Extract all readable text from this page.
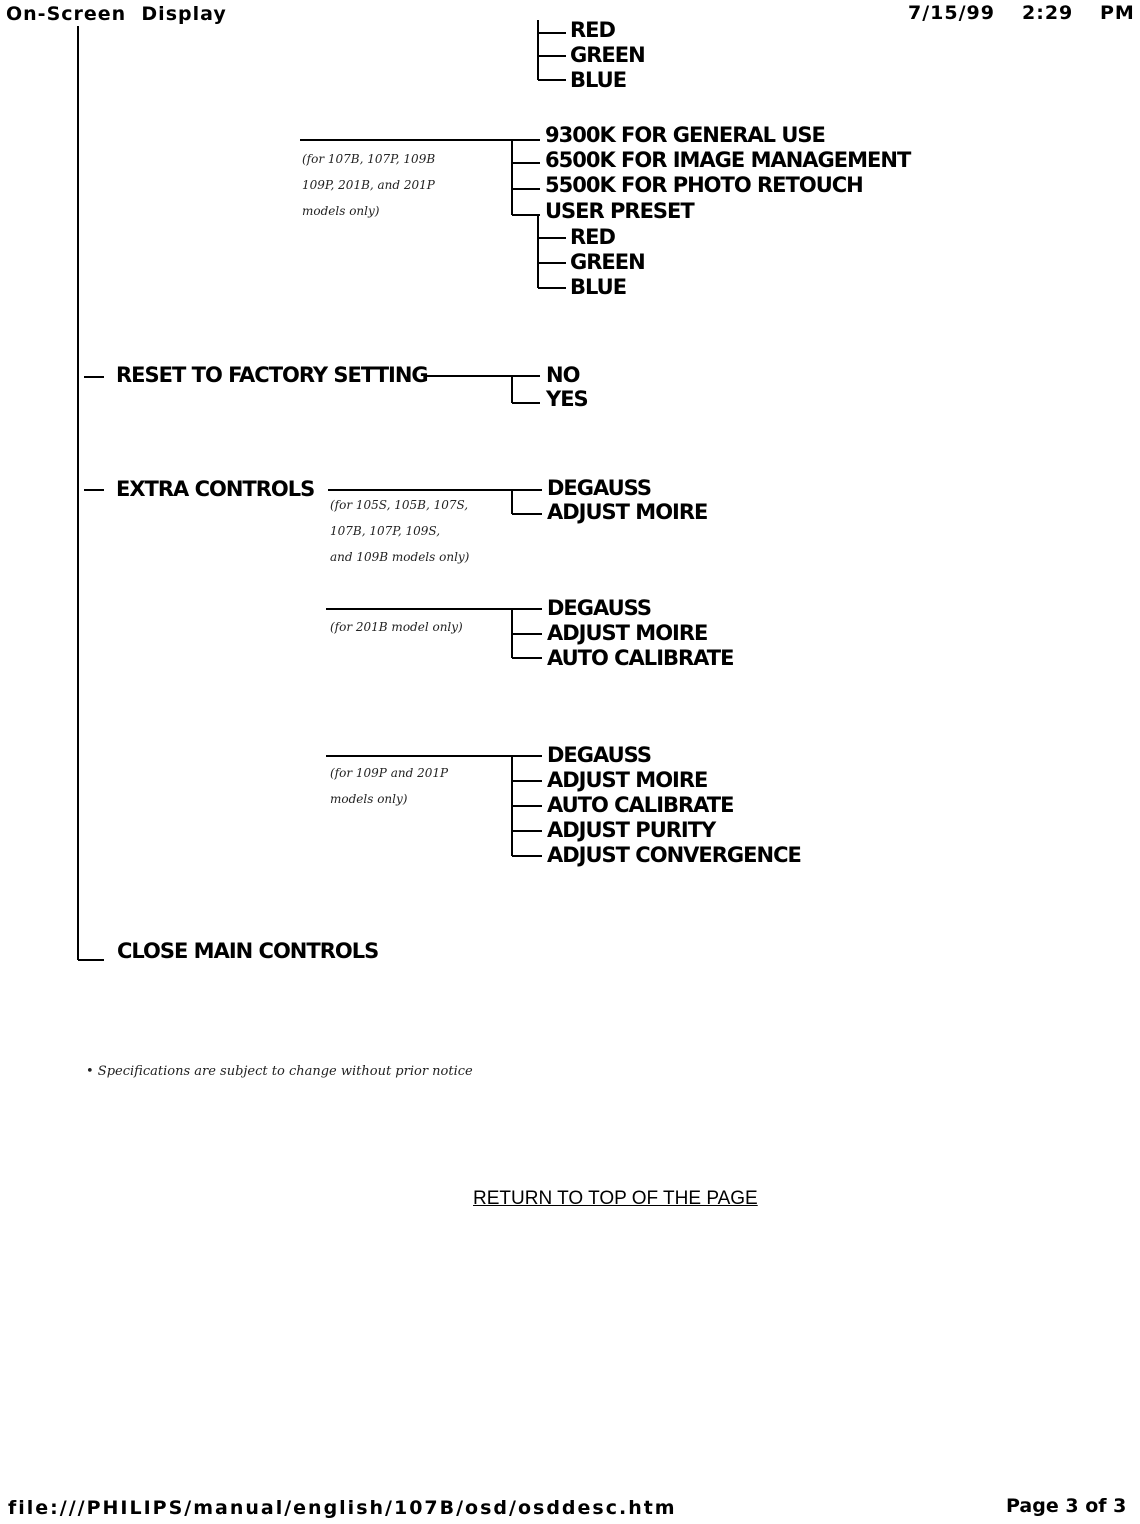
On-Screen  Display	7/15/99 2:29 PM
RED
GREEN
BLUE
(for 107B, 107P, 109B
109P, 201B, and 201P
models only)
9300K FOR GENERAL USE
6500K FOR IMAGE MANAGEMENT
5500K FOR PHOTO RETOUCH
USER PRESET
RED
GREEN
BLUE
RESET TO FACTORY SETTING	NO
YES
EXTRA CONTROLS
(for 105S, 105B, 107S,
107B, 107P, 109S,
and 109B models only)
DEGAUSS
ADJUST MOIRE
(for 201B model only)
DEGAUSS
ADJUST MOIRE
AUTO CALIBRATE
(for 109P and 201P
models only)
DEGAUSS
ADJUST MOIRE
AUTO CALIBRATE
ADJUST PURITY
ADJUST CONVERGENCE
CLOSE MAIN CONTROLS
• Specifications are subject to change without prior notice
RETURN TO TOP OF THE PAGE
file:///PHILIPS/manual/english/107B/osd/osddesc.htm	Page 3 of 3
